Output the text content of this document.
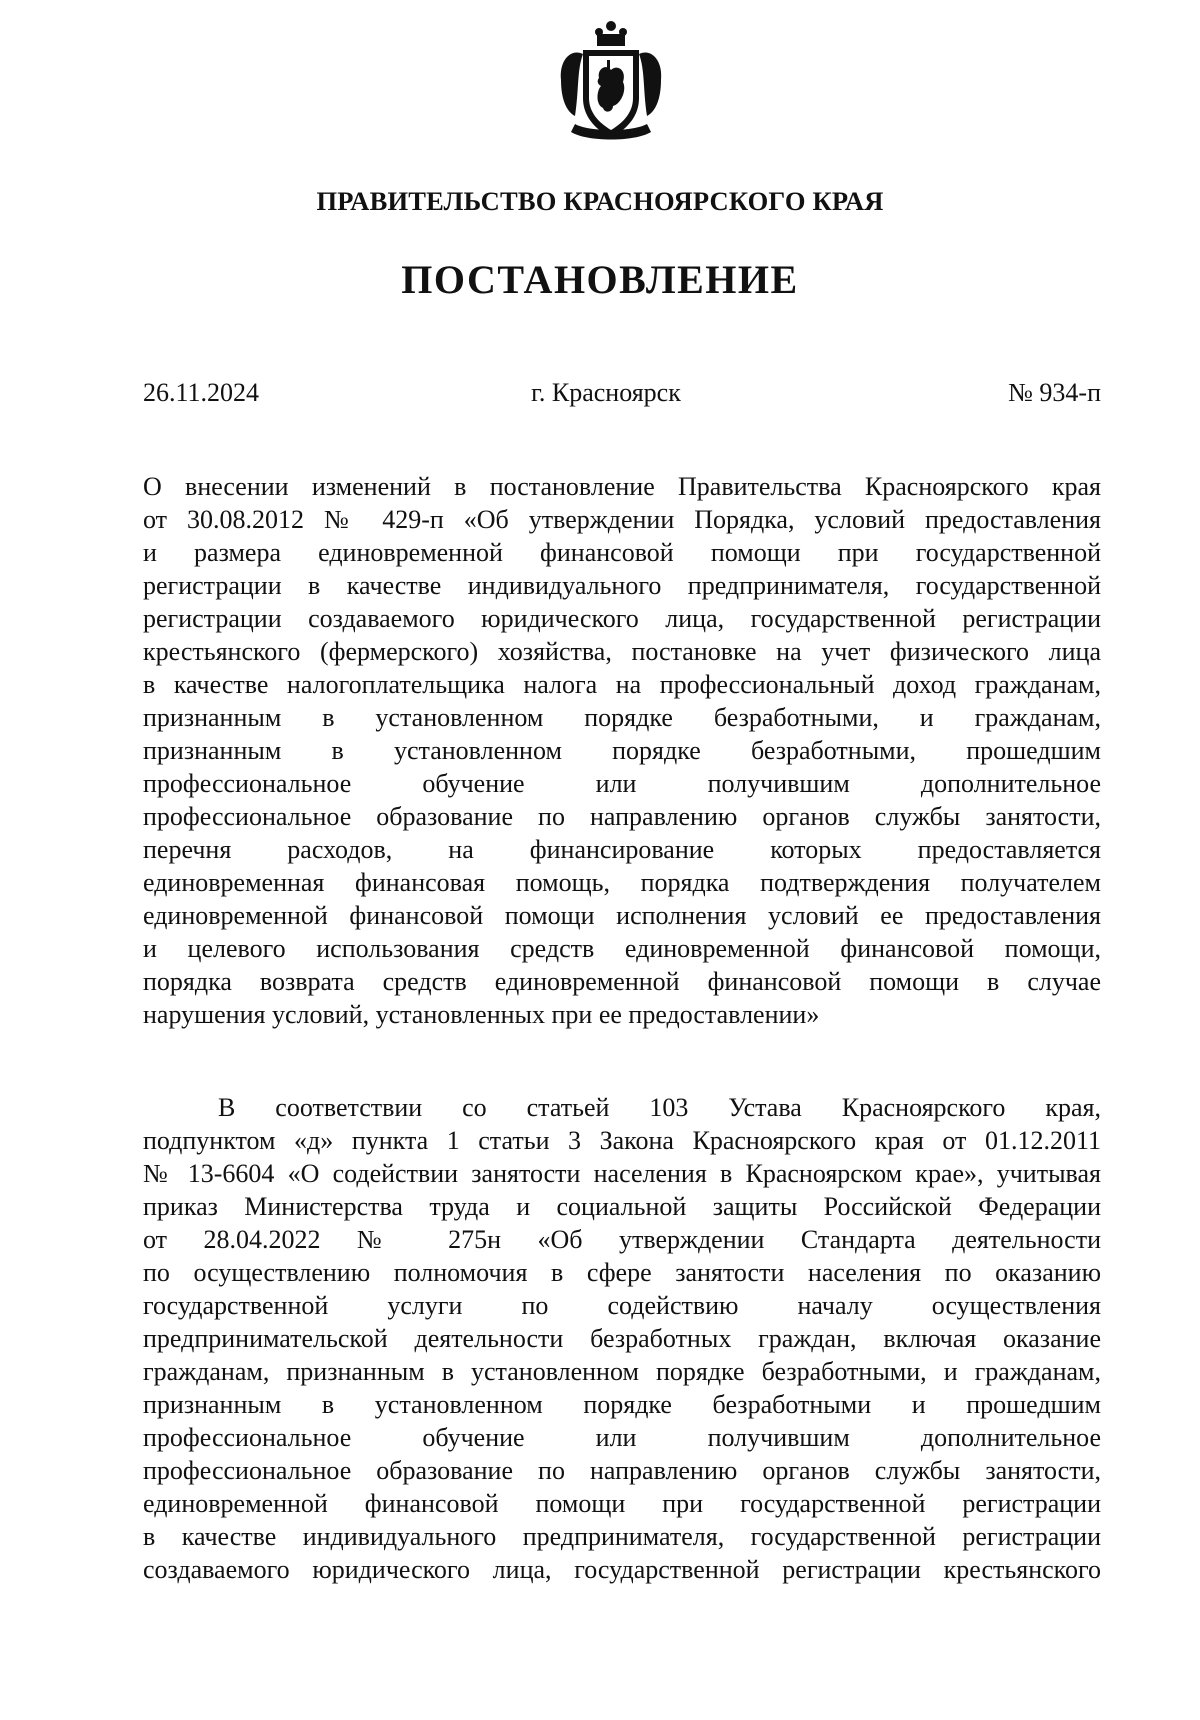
ПРАВИТЕЛЬСТВО КРАСНОЯРСКОГО КРАЯ
ПОСТАНОВЛЕНИЕ
26.11.2024	г. Красноярск	№ 934-п
О внесении изменений в постановление Правительства Красноярского края
от 30.08.2012 № 429-п «Об утверждении Порядка, условий предоставления
и размера единовременной финансовой помощи при государственной
регистрации в качестве индивидуального предпринимателя, государственной
регистрации создаваемого юридического лица, государственной регистрации
крестьянского (фермерского) хозяйства, постановке на учет физического лица
в качестве налогоплательщика налога на профессиональный доход гражданам,
признанным в установленном порядке безработными, и гражданам,
признанным в установленном порядке безработными, прошедшим
профессиональное обучение или получившим дополнительное
профессиональное образование по направлению органов службы занятости,
перечня расходов, на финансирование которых предоставляется
единовременная финансовая помощь, порядка подтверждения получателем
единовременной финансовой помощи исполнения условий ее предоставления
и целевого использования средств единовременной финансовой помощи,
порядка возврата средств единовременной финансовой помощи в случае
нарушения условий, установленных при ее предоставлении»
В соответствии со статьей 103 Устава Красноярского края,
подпунктом «д» пункта 1 статьи 3 Закона Красноярского края от 01.12.2011
№ 13-6604 «О содействии занятости населения в Красноярском крае», учитывая
приказ Министерства труда и социальной защиты Российской Федерации
от 28.04.2022 № 275н «Об утверждении Стандарта деятельности
по осуществлению полномочия в сфере занятости населения по оказанию
государственной услуги по содействию началу осуществления
предпринимательской деятельности безработных граждан, включая оказание
гражданам, признанным в установленном порядке безработными, и гражданам,
признанным в установленном порядке безработными и прошедшим
профессиональное обучение или получившим дополнительное
профессиональное образование по направлению органов службы занятости,
единовременной финансовой помощи при государственной регистрации
в качестве индивидуального предпринимателя, государственной регистрации
создаваемого юридического лица, государственной регистрации крестьянского
